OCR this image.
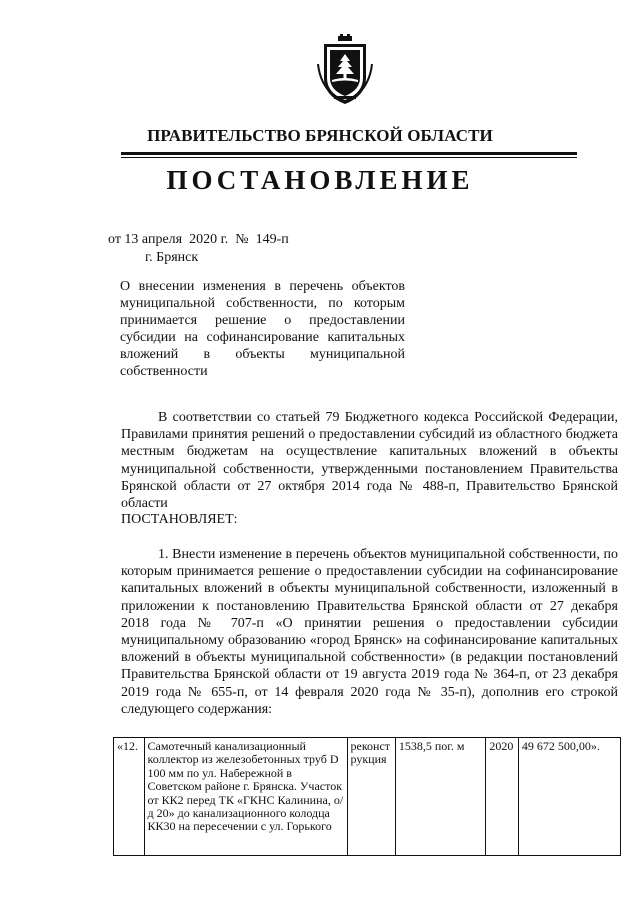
ПРАВИТЕЛЬСТВО БРЯНСКОЙ ОБЛАСТИ
ПОСТАНОВЛЕНИЕ
от 13 апреля  2020 г.  №  149-п
г. Брянск
О внесении изменения в перечень объектов муниципальной собственности, по которым принимается решение о предоставлении субсидии на софинансирование капитальных вложений в объекты муниципальной собственности
В соответствии со статьей 79 Бюджетного кодекса Российской Федерации, Правилами принятия решений о предоставлении субсидий из областного бюджета местным бюджетам на осуществление капитальных вложений в объекты муниципальной собственности, утвержденными постановлением Правительства Брянской области от 27 октября 2014 года № 488-п, Правительство Брянской области
ПОСТАНОВЛЯЕТ:
1. Внести изменение в перечень объектов муниципальной собственности, по которым принимается решение о предоставлении субсидии на софинансирование капитальных вложений в объекты муниципальной собственности, изложенный в приложении к постановлению Правительства Брянской области от 27 декабря 2018 года № 707-п «О принятии решения о предоставлении субсидии муниципальному образованию «город Брянск» на софинансирование капитальных вложений в объекты муниципальной собственности» (в редакции постановлений Правительства Брянской области от 19 августа 2019 года № 364-п, от 23 декабря 2019 года № 655-п, от 14 февраля 2020 года № 35-п), дополнив его строкой следующего содержания:
«12.	Самотечный канализационный коллектор из железобетонных труб D 100 мм по ул. Набережной в Советском районе г. Брянска. Участок от КК2 перед ТК «ГКНС Калинина, о/д 20» до канализационного колодца КК30 на пересечении с ул. Горького	реконструкция	1538,5 пог. м	2020	49 672 500,00».
